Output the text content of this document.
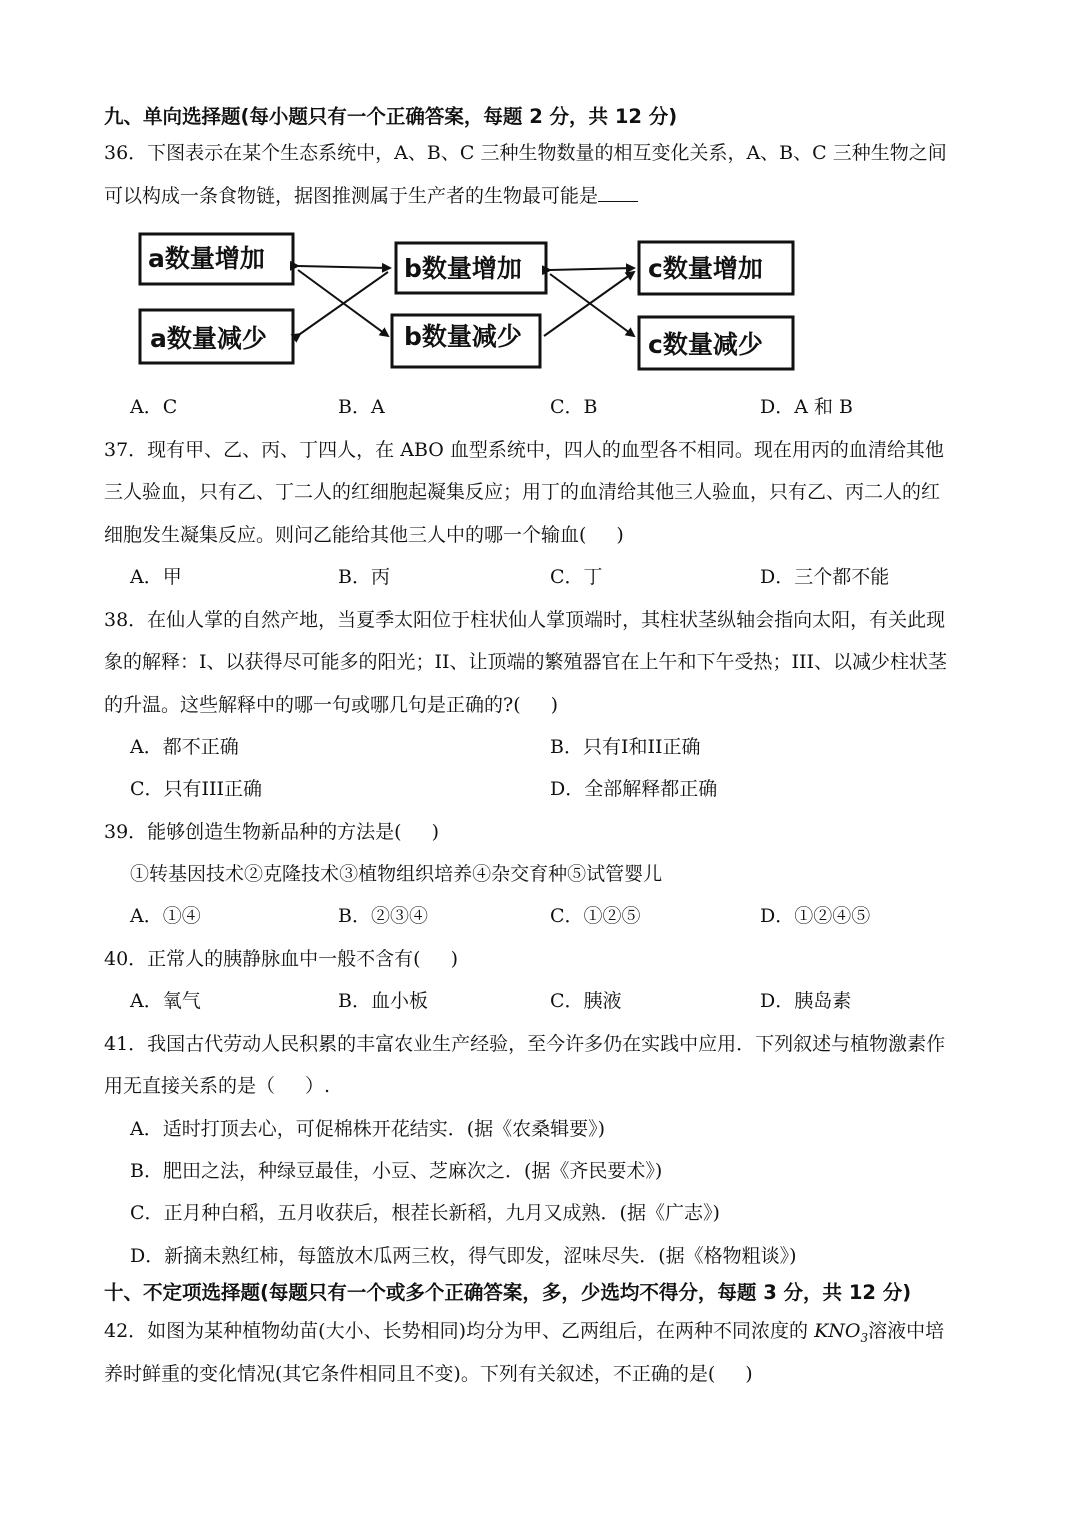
九、单向选择题(每小题只有一个正确答案，每题 2 分，共 12 分)
36．下图表示在某个生态系统中，A、B、C 三种生物数量的相互变化关系，A、B、C 三种生物之间
可以构成一条食物链，据图推测属于生产者的生物最可能是
a数量增加
a数量减少
b数量增加
b数量减少
c数量增加
c数量减少
A．C	B．A	C．B	D．A 和 B
37．现有甲、乙、丙、丁四人，在 ABO 血型系统中，四人的血型各不相同。现在用丙的血清给其他
三人验血，只有乙、丁二人的红细胞起凝集反应；用丁的血清给其他三人验血，只有乙、丙二人的红
细胞发生凝集反应。则问乙能给其他三人中的哪一个输血( )
A．甲	B．丙	C．丁	D．三个都不能
38．在仙人掌的自然产地，当夏季太阳位于柱状仙人掌顶端时，其柱状茎纵轴会指向太阳，有关此现
象的解释：I、以获得尽可能多的阳光；II、让顶端的繁殖器官在上午和下午受热；III、以减少柱状茎
的升温。这些解释中的哪一句或哪几句是正确的?( )
A．都不正确	B．只有I和II正确
C．只有III正确	D．全部解释都正确
39．能够创造生物新品种的方法是( )
①转基因技术②克隆技术③植物组织培养④杂交育种⑤试管婴儿
A．①④	B．②③④	C．①②⑤	D．①②④⑤
40．正常人的胰静脉血中一般不含有( )
A．氧气	B．血小板	C．胰液	D．胰岛素
41．我国古代劳动人民积累的丰富农业生产经验，至今许多仍在实践中应用．下列叙述与植物激素作
用无直接关系的是（ ）.
A．适时打顶去心，可促棉株开花结实．(据《农桑辑要》)
B．肥田之法，种绿豆最佳，小豆、芝麻次之．(据《齐民要术》)
C．正月种白稻，五月收获后，根茬长新稻，九月又成熟．(据《广志》)
D．新摘未熟红柿，每篮放木瓜两三枚，得气即发，涩味尽失．(据《格物粗谈》)
十、不定项选择题(每题只有一个或多个正确答案，多，少选均不得分，每题 3 分，共 12 分)
42．如图为某种植物幼苗(大小、长势相同)均分为甲、乙两组后，在两种不同浓度的 $KNO_3$溶液中培
养时鲜重的变化情况(其它条件相同且不变)。下列有关叙述，不正确的是( )
